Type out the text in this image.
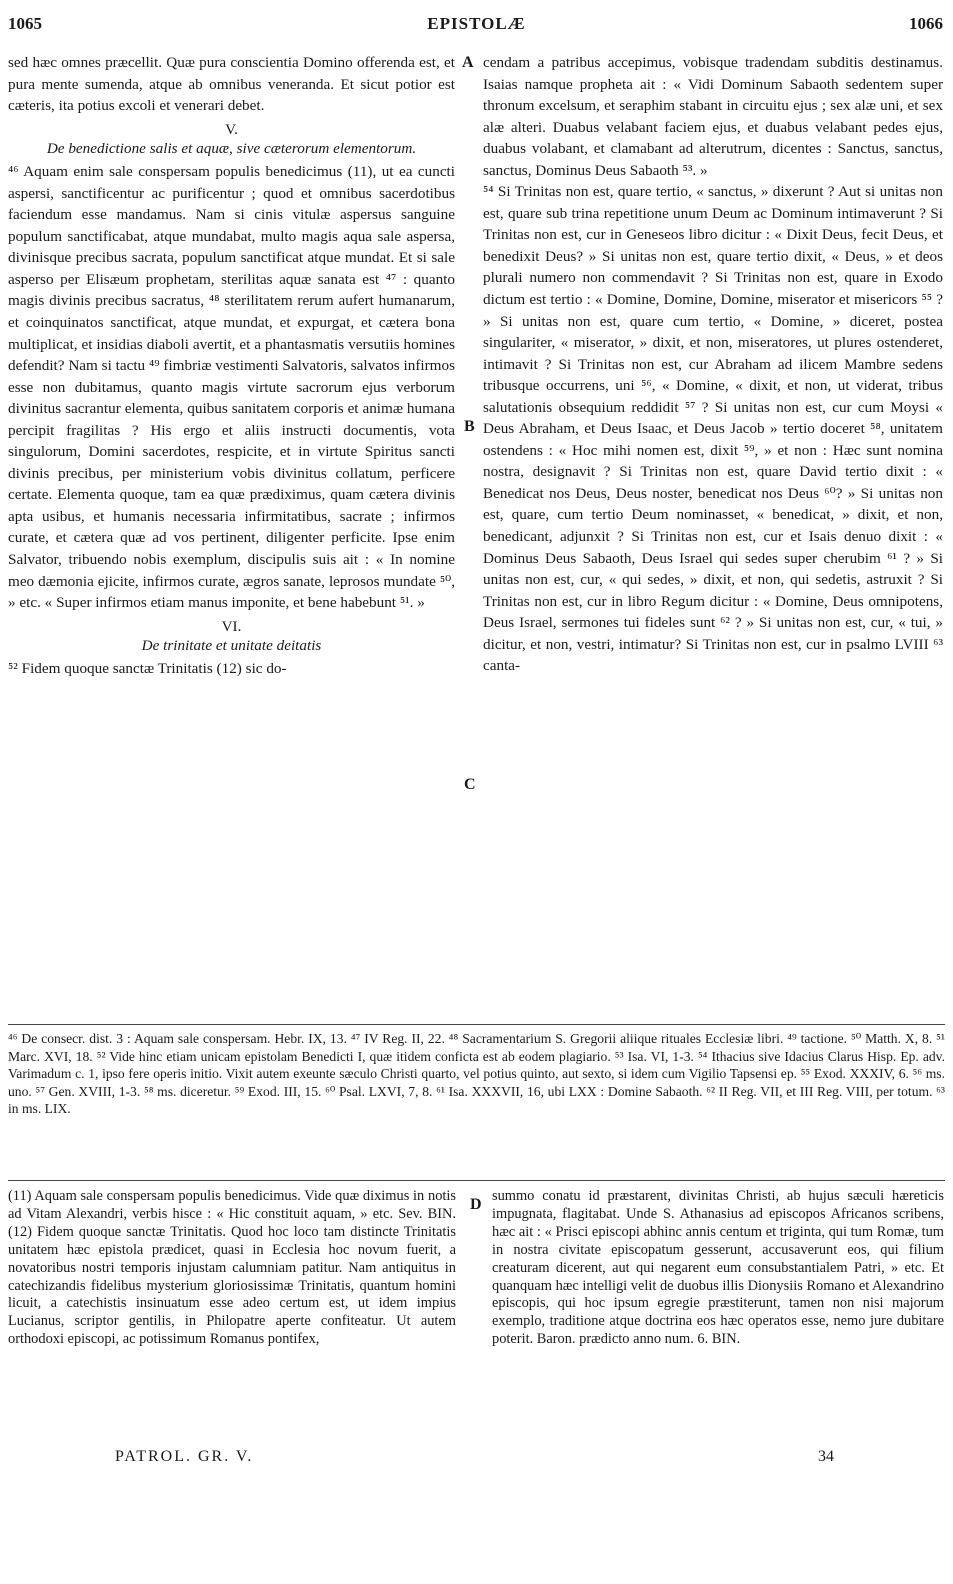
1065	EPISTOLÆ	1066

sed hæc omnes præcellit. Quæ pura conscientia Domino offerenda est, et pura mente sumenda, atque ab omnibus veneranda. Et sicut potior est cæteris, ita potius excoli et venerari debet.

V.

De benedictione salis et aquæ, sive cæterorum elementorum.

⁴⁶ Aquam enim sale conspersam populis benedicimus (11), ut ea cuncti aspersi, sanctificentur ac purificentur ; quod et omnibus sacerdotibus faciendum esse mandamus. Nam si cinis vitulæ aspersus sanguine populum sanctificabat, atque mundabat, multo magis aqua sale aspersa, divinisque precibus sacrata, populum sanctificat atque mundat. Et si sale asperso per Elisæum prophetam, sterilitas aquæ sanata est ⁴⁷ : quanto magis divinis precibus sacratus, ⁴⁸ sterilitatem rerum aufert humanarum, et coinquinatos sanctificat, atque mundat, et expurgat, et cætera bona multiplicat, et insidias diaboli avertit, et a phantasmatis versutiis homines defendit? Nam si tactu ⁴⁹ fimbriæ vestimenti Salvatoris, salvatos infirmos esse non dubitamus, quanto magis virtute sacrorum ejus verborum divinitus sacrantur elementa, quibus sanitatem corporis et animæ humana percipit fragilitas ? His ergo et aliis instructi documentis, vota singulorum, Domini sacerdotes, respicite, et in virtute Spiritus sancti divinis precibus, per ministerium vobis divinitus collatum, perficere certate. Elementa quoque, tam ea quæ prædiximus, quam cætera divinis apta usibus, et humanis necessaria infirmitatibus, sacrate ; infirmos curate, et cætera quæ ad vos pertinent, diligenter perficite. Ipse enim Salvator, tribuendo nobis exemplum, discipulis suis ait : « In nomine meo dæmonia ejicite, infirmos curate, ægros sanate, leprosos mundate ⁵⁰, » etc. « Super infirmos etiam manus imponite, et bene habebunt ⁵¹. »

VI.

De trinitate et unitate deitatis

⁵² Fidem quoque sanctæ Trinitatis (12) sic do-

cendam a patribus accepimus, vobisque tradendam subditis destinamus. Isaias namque propheta ait : « Vidi Dominum Sabaoth sedentem super thronum excelsum, et seraphim stabant in circuitu ejus ; sex alæ uni, et sex alæ alteri. Duabus velabant faciem ejus, et duabus velabant pedes ejus, duabus volabant, et clamabant ad alterutrum, dicentes : Sanctus, sanctus, sanctus, Dominus Deus Sabaoth ⁵³. »

⁵⁴ Si Trinitas non est, quare tertio, « sanctus, » dixerunt ? Aut si unitas non est, quare sub trina repetitione unum Deum ac Dominum intimaverunt ? Si Trinitas non est, cur in Geneseos libro dicitur : « Dixit Deus, fecit Deus, et benedixit Deus? » Si unitas non est, quare tertio dixit, « Deus, » et deos plurali numero non commendavit ? Si Trinitas non est, quare in Exodo dictum est tertio : « Domine, Domine, Domine, miserator et misericors ⁵⁵ ? » Si unitas non est, quare cum tertio, « Domine, » diceret, postea singulariter, « miserator, » dixit, et non, miseratores, ut plures ostenderet, intimavit ? Si Trinitas non est, cur Abraham ad ilicem Mambre sedens tribusque occurrens, uni ⁵⁶, « Domine, « dixit, et non, ut viderat, tribus salutationis obsequium reddidit ⁵⁷ ? Si unitas non est, cur cum Moysi « Deus Abraham, et Deus Isaac, et Deus Jacob » tertio doceret ⁵⁸, unitatem ostendens : « Hoc mihi nomen est, dixit ⁵⁹, » et non : Hæc sunt nomina nostra, designavit ? Si Trinitas non est, quare David tertio dixit : « Benedicat nos Deus, Deus noster, benedicat nos Deus ⁶⁰? » Si unitas non est, quare, cum tertio Deum nominasset, « benedicat, » dixit, et non, benedicant, adjunxit ? Si Trinitas non est, cur et Isais denuo dixit : « Dominus Deus Sabaoth, Deus Israel qui sedes super cherubim ⁶¹ ? » Si unitas non est, cur, « qui sedes, » dixit, et non, qui sedetis, astruxit ? Si Trinitas non est, cur in libro Regum dicitur : « Domine, Deus omnipotens, Deus Israel, sermones tui fideles sunt ⁶² ? » Si unitas non est, cur, « tui, » dicitur, et non, vestri, intimatur? Si Trinitas non est, cur in psalmo LVIII ⁶³ canta-

A
B
C
D
⁴⁶ De consecr. dist. 3 : Aquam sale conspersam. Hebr. IX, 13. ⁴⁷ IV Reg. II, 22. ⁴⁸ Sacramentarium S. Gregorii aliique rituales Ecclesiæ libri. ⁴⁹ tactione. ⁵⁰ Matth. X, 8. ⁵¹ Marc. XVI, 18. ⁵² Vide hinc etiam unicam epistolam Benedicti I, quæ itidem conficta est ab eodem plagiario. ⁵³ Isa. VI, 1-3. ⁵⁴ Ithacius sive Idacius Clarus Hisp. Ep. adv. Varimadum c. 1, ipso fere operis initio. Vixit autem exeunte sæculo Christi quarto, vel potius quinto, aut sexto, si idem cum Vigilio Tapsensi ep. ⁵⁵ Exod. XXXIV, 6. ⁵⁶ ms. uno. ⁵⁷ Gen. XVIII, 1-3. ⁵⁸ ms. diceretur. ⁵⁹ Exod. III, 15. ⁶⁰ Psal. LXVI, 7, 8. ⁶¹ Isa. XXXVII, 16, ubi LXX : Domine Sabaoth. ⁶² II Reg. VII, et III Reg. VIII, per totum. ⁶³ in ms. LIX.
(11) Aquam sale conspersam populis benedicimus. Vide quæ diximus in notis ad Vitam Alexandri, verbis hisce : « Hic constituit aquam, » etc. Sev. BIN. (12) Fidem quoque sanctæ Trinitatis. Quod hoc loco tam distincte Trinitatis unitatem hæc epistola prædicet, quasi in Ecclesia hoc novum fuerit, a novatoribus nostri temporis injustam calumniam patitur. Nam antiquitus in catechizandis fidelibus mysterium gloriosissimæ Trinitatis, quantum homini licuit, a catechistis insinuatum esse adeo certum est, ut idem impius Lucianus, scriptor gentilis, in Philopatre aperte confiteatur. Ut autem orthodoxi episcopi, ac potissimum Romanus pontifex,
summo conatu id præstarent, divinitas Christi, ab hujus sæculi hæreticis impugnata, flagitabat. Unde S. Athanasius ad episcopos Africanos scribens, hæc ait : « Prisci episcopi abhinc annis centum et triginta, qui tum Romæ, tum in nostra civitate episcopatum gesserunt, accusaverunt eos, qui filium creaturam dicerent, aut qui negarent eum consubstantialem Patri, » etc. Et quanquam hæc intelligi velit de duobus illis Dionysiis Romano et Alexandrino episcopis, qui hoc ipsum egregie præstiterunt, tamen non nisi majorum exemplo, traditione atque doctrina eos hæc operatos esse, nemo jure dubitare poterit. Baron. prædicto anno num. 6. BIN.
PATROL. GR. V.	34
